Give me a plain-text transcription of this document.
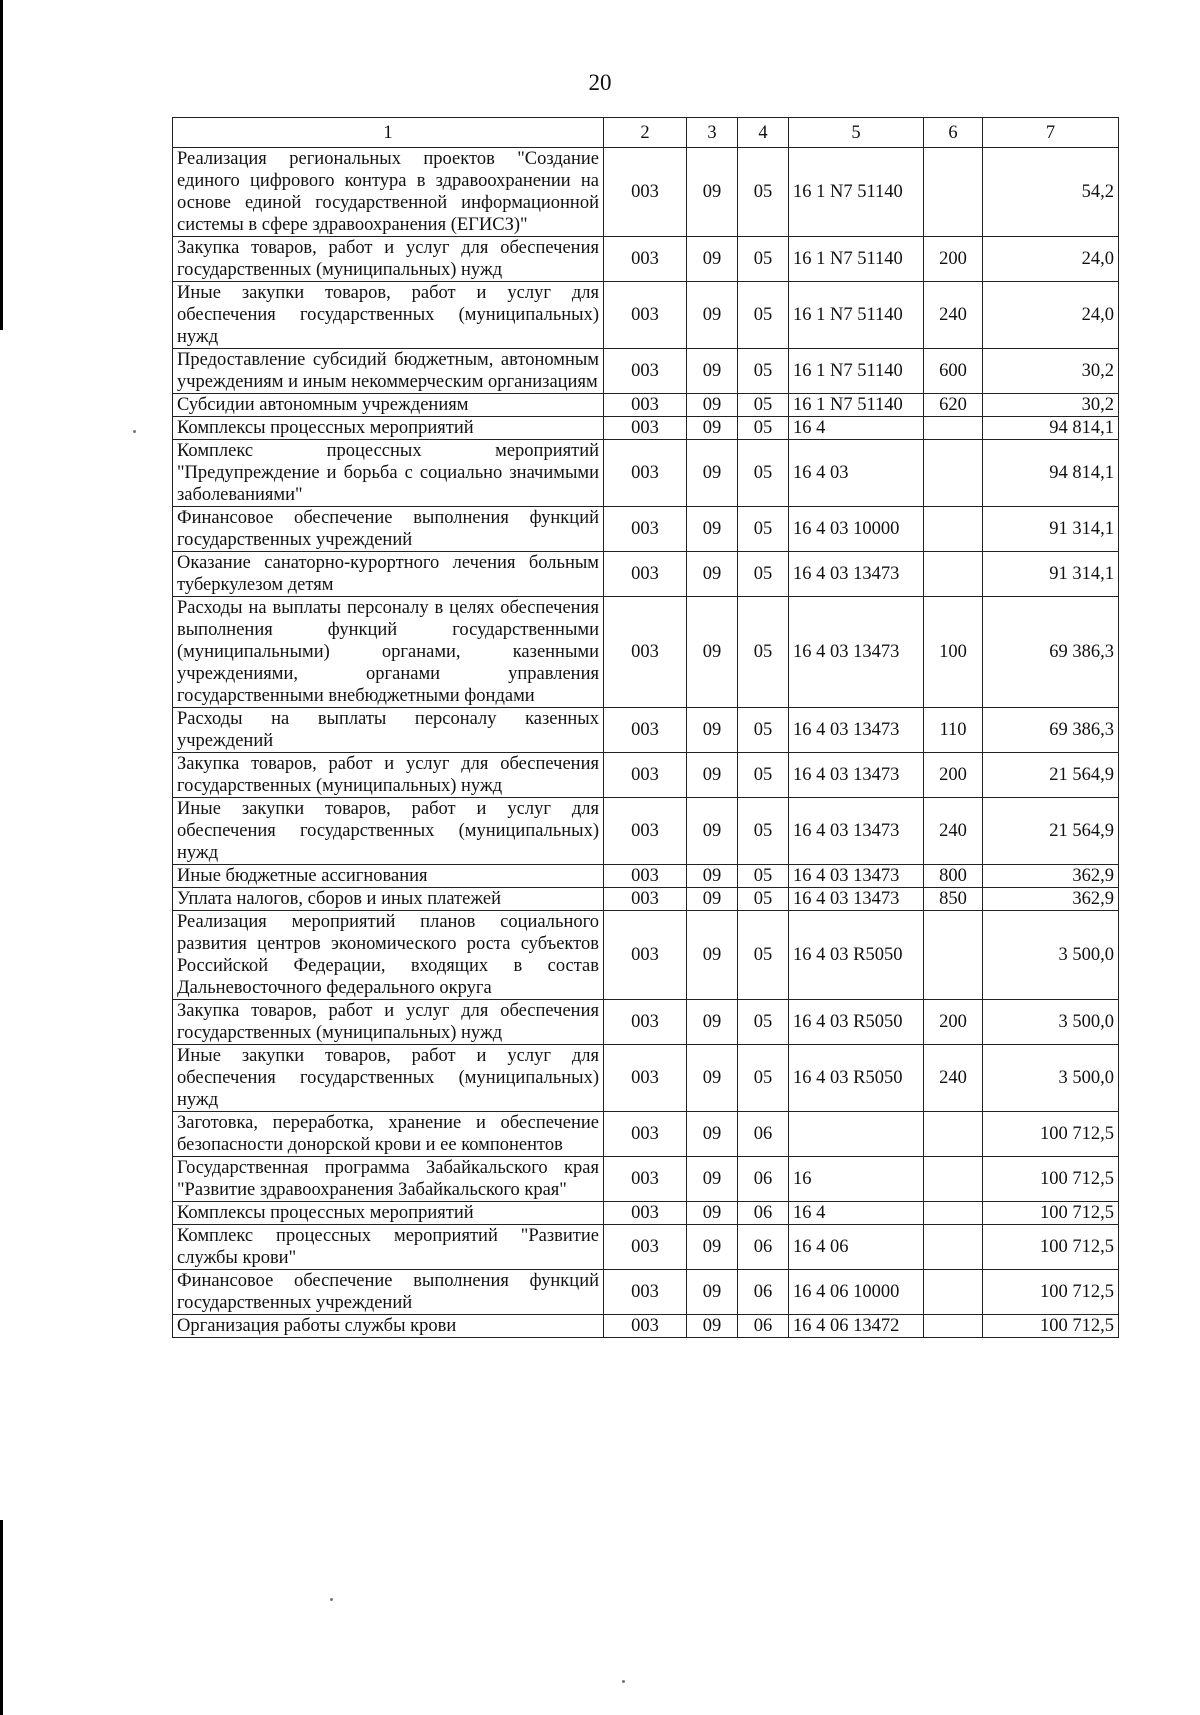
20
1	2	3	4	5	6	7
Реализация региональных проектов "Создание единого цифрового контура в здравоохранении на основе единой государственной информационной системы в сфере здравоохранения (ЕГИСЗ)"	003	09	05	16 1 N7 51140		54,2
Закупка товаров, работ и услуг для обеспечения государственных (муниципальных) нужд	003	09	05	16 1 N7 51140	200	24,0
Иные закупки товаров, работ и услуг для обеспечения государственных (муниципальных) нужд	003	09	05	16 1 N7 51140	240	24,0
Предоставление субсидий бюджетным, автономным учреждениям и иным некоммерческим организациям	003	09	05	16 1 N7 51140	600	30,2
Субсидии автономным учреждениям	003	09	05	16 1 N7 51140	620	30,2
Комплексы процессных мероприятий	003	09	05	16 4		94 814,1
Комплекс процессных мероприятий "Предупреждение и борьба с социально значимыми заболеваниями"	003	09	05	16 4 03		94 814,1
Финансовое обеспечение выполнения функций государственных учреждений	003	09	05	16 4 03 10000		91 314,1
Оказание санаторно-курортного лечения больным туберкулезом детям	003	09	05	16 4 03 13473		91 314,1
Расходы на выплаты персоналу в целях обеспечения выполнения функций государственными (муниципальными) органами, казенными учреждениями, органами управления государственными внебюджетными фондами	003	09	05	16 4 03 13473	100	69 386,3
Расходы на выплаты персоналу казенных учреждений	003	09	05	16 4 03 13473	110	69 386,3
Закупка товаров, работ и услуг для обеспечения государственных (муниципальных) нужд	003	09	05	16 4 03 13473	200	21 564,9
Иные закупки товаров, работ и услуг для обеспечения государственных (муниципальных) нужд	003	09	05	16 4 03 13473	240	21 564,9
Иные бюджетные ассигнования	003	09	05	16 4 03 13473	800	362,9
Уплата налогов, сборов и иных платежей	003	09	05	16 4 03 13473	850	362,9
Реализация мероприятий планов социального развития центров экономического роста субъектов Российской Федерации, входящих в состав Дальневосточного федерального округа	003	09	05	16 4 03 R5050		3 500,0
Закупка товаров, работ и услуг для обеспечения государственных (муниципальных) нужд	003	09	05	16 4 03 R5050	200	3 500,0
Иные закупки товаров, работ и услуг для обеспечения государственных (муниципальных) нужд	003	09	05	16 4 03 R5050	240	3 500,0
Заготовка, переработка, хранение и обеспечение безопасности донорской крови и ее компонентов	003	09	06			100 712,5
Государственная программа Забайкальского края "Развитие здравоохранения Забайкальского края"	003	09	06	16		100 712,5
Комплексы процессных мероприятий	003	09	06	16 4		100 712,5
Комплекс процессных мероприятий "Развитие службы крови"	003	09	06	16 4 06		100 712,5
Финансовое обеспечение выполнения функций государственных учреждений	003	09	06	16 4 06 10000		100 712,5
Организация работы службы крови	003	09	06	16 4 06 13472		100 712,5
